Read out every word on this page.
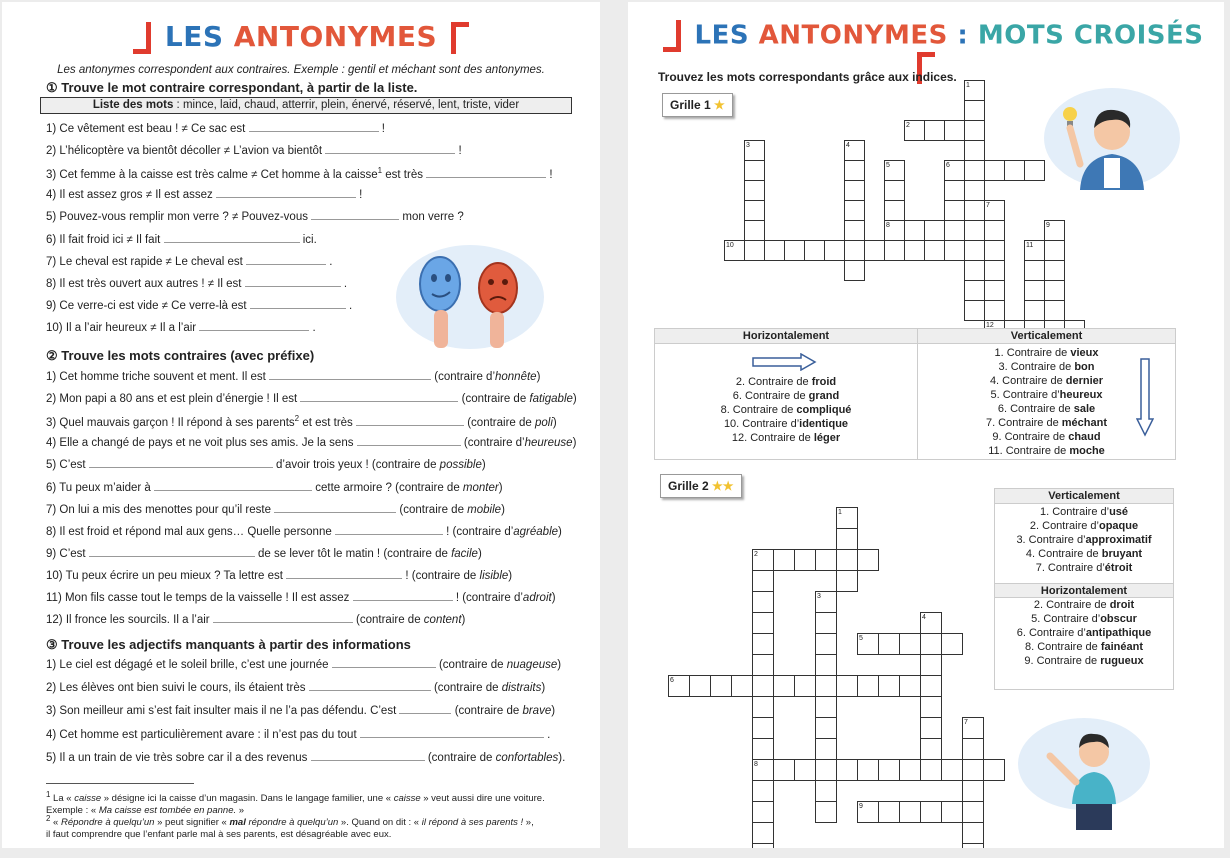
LES ANTONYMES
Les antonymes correspondent aux contraires. Exemple : gentil et méchant sont des antonymes.
① Trouve le mot contraire correspondant, à partir de la liste.
Liste des mots : mince, laid, chaud, atterrir, plein, énervé, réservé, lent, triste, vider
1) Ce vêtement est beau ! ≠ Ce sac est	!
2) L’hélicoptère va bientôt décoller ≠ L’avion va bientôt	!
3) Cet femme à la caisse est très calme ≠ Cet homme à la caisse$^1$ est très	!
4) Il est assez gros ≠ Il est assez	!
5) Pouvez-vous remplir mon verre ? ≠ Pouvez-vous	mon verre ?
6) Il fait froid ici ≠ Il fait	ici.
7) Le cheval est rapide ≠ Le cheval est	.
8) Il est très ouvert aux autres ! ≠ Il est	.
9) Ce verre-ci est vide ≠ Ce verre-là est	.
10) Il a l’air heureux ≠ Il a l’air	.
② Trouve les mots contraires (avec préfixe)
1) Cet homme triche souvent et ment. Il est	(contraire d’honnête)
2) Mon papi a 80 ans et est plein d’énergie ! Il est	(contraire de fatigable)
3) Quel mauvais garçon ! Il répond à ses parents$^2$ et est très	(contraire de poli)
4) Elle a changé de pays et ne voit plus ses amis. Je la sens	(contraire d’heureuse)
5) C’est	d’avoir trois yeux ! (contraire de possible)
6) Tu peux m’aider à	cette armoire ? (contraire de monter)
7) On lui a mis des menottes pour qu’il reste	(contraire de mobile)
8) Il est froid et répond mal aux gens… Quelle personne	! (contraire d’agréable)
9) C’est	de se lever tôt le matin ! (contraire de facile)
10) Tu peux écrire un peu mieux ? Ta lettre est	! (contraire de lisible)
11) Mon fils casse tout le temps de la vaisselle ! Il est assez	! (contraire d’adroit)
12) Il fronce les sourcils. Il a l’air	(contraire de content)
③ Trouve les adjectifs manquants à partir des informations
1) Le ciel est dégagé et le soleil brille, c’est une journée	(contraire de nuageuse)
2) Les élèves ont bien suivi le cours, ils étaient très	(contraire de distraits)
3) Son meilleur ami s’est fait insulter mais il ne l’a pas défendu. C’est	(contraire de brave)
4) Cet homme est particulièrement avare : il n’est pas du tout	.
5) Il a un train de vie très sobre car il a des revenus	(contraire de confortables).
$^1$ La « caisse » désigne ici la caisse d’un magasin. Dans le langage familier, une « caisse » veut aussi dire une voiture.
Exemple : « Ma caisse est tombée en panne. »
$^2$ « Répondre à quelqu’un » peut signifier « mal répondre à quelqu’un ». Quand on dit : « il répond à ses parents ! »,
il faut comprendre que l’enfant parle mal à ses parents, est désagréable avec eux.
LES ANTONYMES : MOTS CROISÉS
Trouvez les mots correspondants grâce aux indices.
Grille 1 ★
1
2
3	4
5	6
7
8	9
10	11
12
Horizontalement
2. Contraire de froid
6. Contraire de grand
8. Contraire de compliqué
10. Contraire d’identique
12. Contraire de léger
Verticalement
1. Contraire de vieux
3. Contraire de bon
4. Contraire de dernier
5. Contraire d’heureux
6. Contraire de sale
7. Contraire de méchant
9. Contraire de chaud
11. Contraire de moche
Grille 2 ★★
1
2
3
4
5
6
7
8
9
Verticalement
1. Contraire d’usé
2. Contraire d’opaque
3. Contraire d’approximatif
4. Contraire de bruyant
7. Contraire d’étroit
Horizontalement
2. Contraire de droit
5. Contraire d’obscur
6. Contraire d’antipathique
8. Contraire de fainéant
9. Contraire de rugueux
